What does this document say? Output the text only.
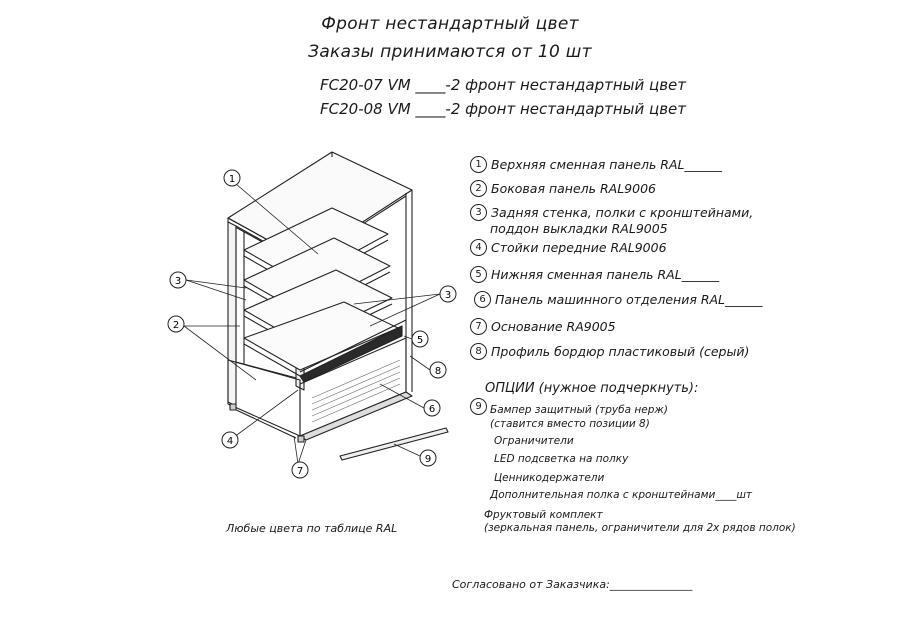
Фронт нестандартный цвет
Заказы принимаются от 10 шт
FC20-07 VM ____-2 фронт нестандартный цвет
FC20-08 VM ____-2 фронт нестандартный цвет
1
2
3
3
4
5
6
7
8
9
1 Верхняя сменная панель RAL______
2 Боковая панель RAL9006
3 Задняя стенка, полки с кронштейнами,
поддон выкладки RAL9005
4 Стойки передние RAL9006
5 Нижняя сменная панель RAL______
6 Панель машинного отделения RAL______
7 Основание RA9005
8 Профиль бордюр пластиковый (серый)
ОПЦИИ (нужное подчеркнуть):
9 Бампер защитный (труба нерж)
(ставится вместо позиции 8)
Ограничители
LED подсветка на полку
Ценникодержатели
Дополнительная полка с кронштейнами____шт
Фруктовый комплект
(зеркальная панель, ограничители для 2х рядов полок)
Любые цвета по таблице RAL
Согласовано от Заказчика:_______________
